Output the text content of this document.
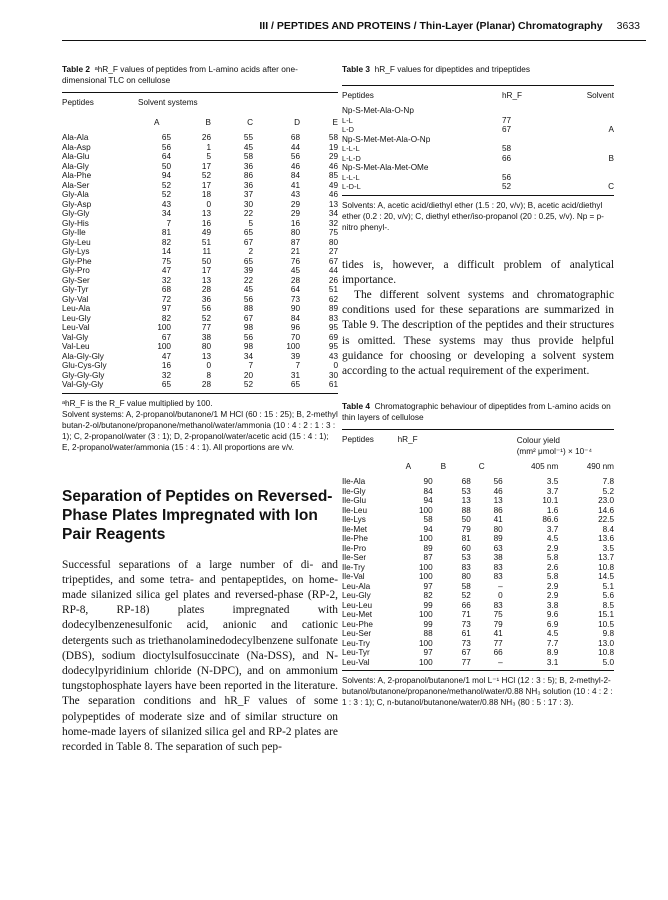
III / PEPTIDES AND PROTEINS / Thin-Layer (Planar) Chromatography 3633
Table 2 ᵃhR_F values of peptides from L-amino acids after one-dimensional TLC on cellulose
Peptides	Solvent systems				
	A	B	C	D	E
Ala-Ala	65	26	55	68	58
Ala-Asp	56	1	45	44	19
Ala-Glu	64	5	58	56	29
Ala-Gly	50	17	36	46	46
Ala-Phe	94	52	86	84	85
Ala-Ser	52	17	36	41	49
Gly-Ala	52	18	37	43	46
Gly-Asp	43	0	30	29	13
Gly-Gly	34	13	22	29	34
Gly-His	7	16	5	16	32
Gly-Ile	81	49	65	80	75
Gly-Leu	82	51	67	87	80
Gly-Lys	14	11	2	21	27
Gly-Phe	75	50	65	76	67
Gly-Pro	47	17	39	45	44
Gly-Ser	32	13	22	28	26
Gly-Tyr	68	28	45	64	51
Gly-Val	72	36	56	73	62
Leu-Ala	97	56	88	90	89
Leu-Gly	82	52	67	84	83
Leu-Val	100	77	98	96	95
Val-Gly	67	38	56	70	69
Val-Leu	100	80	98	100	95
Ala-Gly-Gly	47	13	34	39	43
Glu-Cys-Gly	16	0	7	7	0
Gly-Gly-Gly	32	8	20	31	30
Val-Gly-Gly	65	28	52	65	61
ᵃhR_F is the R_F value multiplied by 100.
Solvent systems: A, 2-propanol/butanone/1 M HCl (60 : 15 : 25); B, 2-methyl butan-2-ol/butanone/propanone/methanol/water/ammonia (10 : 4 : 2 : 1 : 3 : 1); C, 2-propanol/water (3 : 1); D, 2-propanol/water/acetic acid (15 : 4 : 1); E, 2-propanol/water/ammonia (15 : 4 : 1). All proportions are v/v.
Separation of Peptides on Reversed-Phase Plates Impregnated with Ion Pair Reagents

Successful separations of a large number of di- and tripeptides, and some tetra- and pentapeptides, on home-made silanized silica gel plates and reversed-phase (RP-2, RP-8, RP-18) plates impregnated with dodecylbenzenesulfonic acid, anionic and cationic detergents such as triethanolaminedodecylbenzene sulfonate (DBS), sodium dioctylsulfosuccinate (Na-DSS), and N-dodecylpyridinium chloride (N-DPC), and on ammonium tungstophosphate layers have been reported in the literature. The separation conditions and hR_F values of some polypeptides of moderate size and of similar structure on home-made layers of silanized silica gel and RP-2 plates are recorded in Table 8. The separation of such pep-

Table 3 hR_F values for dipeptides and tripeptides
Peptides	hR_F	Solvent
Np-S-Met-Ala-O-Np		
L-L	77	
L-D	67	A
Np-S-Met-Met-Ala-O-Np		
L-L-L	58	
L-L-D	66	B
Np-S-Met-Ala-Met-OMe		
L-L-L	56	
L-D-L	52	C
Solvents: A, acetic acid/diethyl ether (1.5 : 20, v/v); B, acetic acid/diethyl ether (0.2 : 20, v/v); C, diethyl ether/iso-propanol (20 : 0.25, v/v). Np = p-nitro phenyl-.

tides is, however, a difficult problem of analytical importance.

The different solvent systems and chromatographic conditions used for these separations are summarized in Table 9. The description of the peptides and their structures is omitted. These systems may thus provide helpful guidance for choosing or developing a solvent system according to the actual requirement of the experiment.

Table 4 Chromatographic behaviour of dipeptides from L-amino acids on thin layers of cellulose
Peptides	hR_F			Colour yield
(mm² μmol⁻¹) × 10⁻⁴	

	A	B	C	405 nm	490 nm
Ile-Ala	90	68	56	3.5	7.8
Ile-Gly	84	53	46	3.7	5.2
Ile-Glu	94	13	13	10.1	23.0
Ile-Leu	100	88	86	1.6	14.6
Ile-Lys	58	50	41	86.6	22.5
Ile-Met	94	79	80	3.7	8.4
Ile-Phe	100	81	89	4.5	13.6
Ile-Pro	89	60	63	2.9	3.5
Ile-Ser	87	53	38	5.8	13.7
Ile-Try	100	83	83	2.6	10.8
Ile-Val	100	80	83	5.8	14.5
Leu-Ala	97	58	–	2.9	5.1
Leu-Gly	82	52	0	2.9	5.6
Leu-Leu	99	66	83	3.8	8.5
Leu-Met	100	71	75	9.6	15.1
Leu-Phe	99	73	79	6.9	10.5
Leu-Ser	88	61	41	4.5	9.8
Leu-Try	100	73	77	7.7	13.0
Leu-Tyr	97	67	66	8.9	10.8
Leu-Val	100	77	–	3.1	5.0
Solvents: A, 2-propanol/butanone/1 mol L⁻¹ HCl (12 : 3 : 5); B, 2-methyl-2-butanol/butanone/propanone/methanol/water/0.88 NH₃ solution (10 : 4 : 2 : 1 : 3 : 1); C, n-butanol/butanone/water/0.88 NH₃ (80 : 5 : 17 : 3).
